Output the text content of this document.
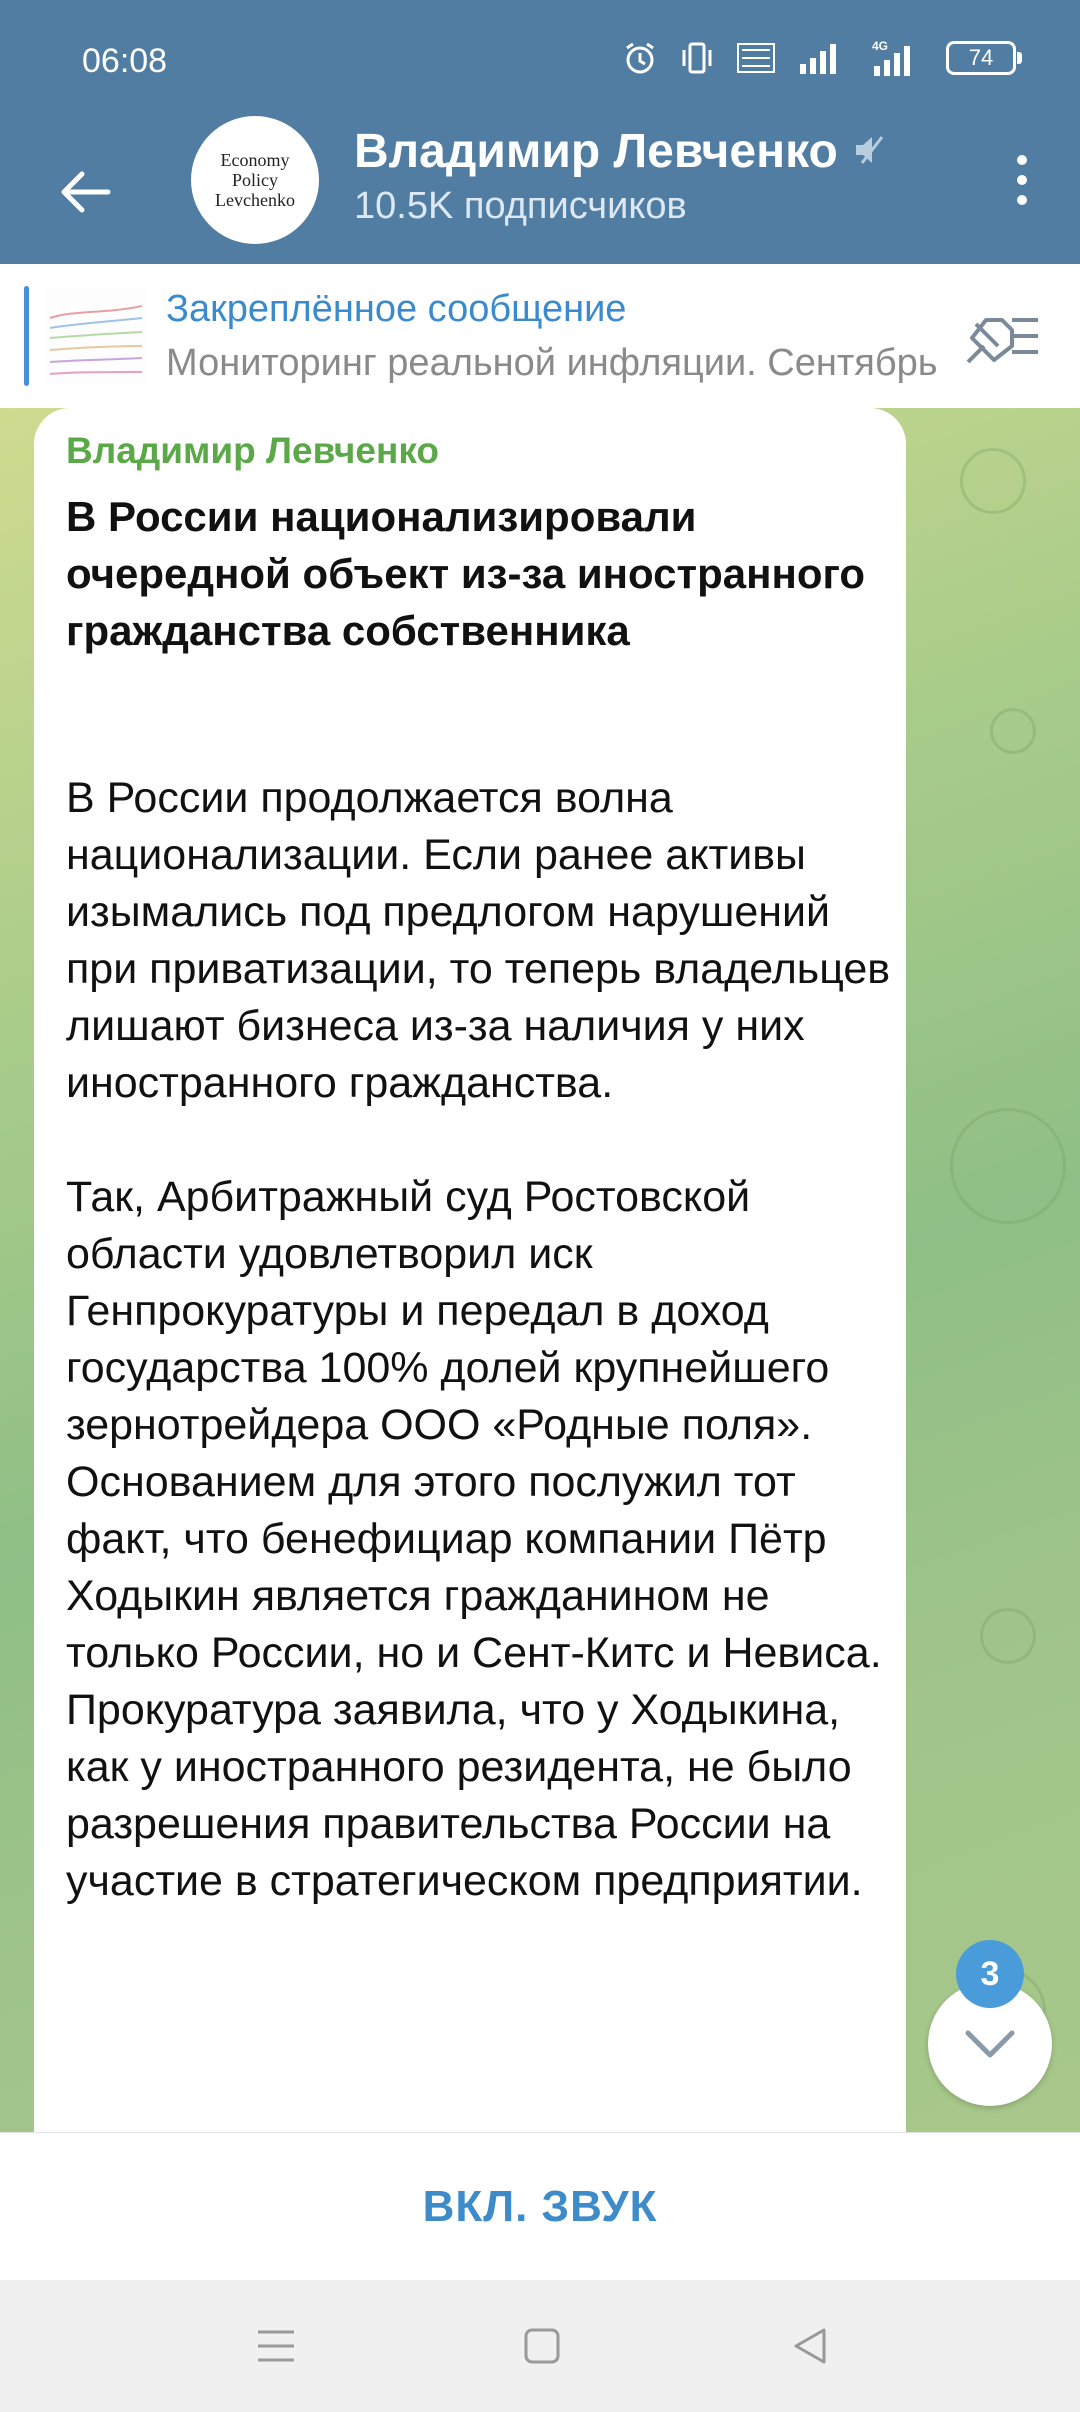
06:08	4G	74
Economy
Policy
Levchenko
Владимир Левченко
10.5K подписчиков
Закреплённое сообщение
Мониторинг реальной инфляции. Сентябрь
Владимир Левченко
В России национализировали очередной объект из-за иностранного гражданства собственника

В России продолжается волна национализации. Если ранее активы изымались под предлогом нарушений при приватизации, то теперь владельцев лишают бизнеса из-за наличия у них иностранного гражданства.

Так, Арбитражный суд Ростовской области удовлетворил иск Генпрокуратуры и передал в доход государства 100% долей крупнейшего зернотрейдера ООО «Родные поля». Основанием для этого послужил тот факт, что бенефициар компании Пётр Ходыкин является гражданином не только России, но и Сент-Китс и Невиса. Прокуратура заявила, что у Ходыкина, как у иностранного резидента, не было разрешения правительства России на участие в стратегическом предприятии.

3
ВКЛ. ЗВУК
